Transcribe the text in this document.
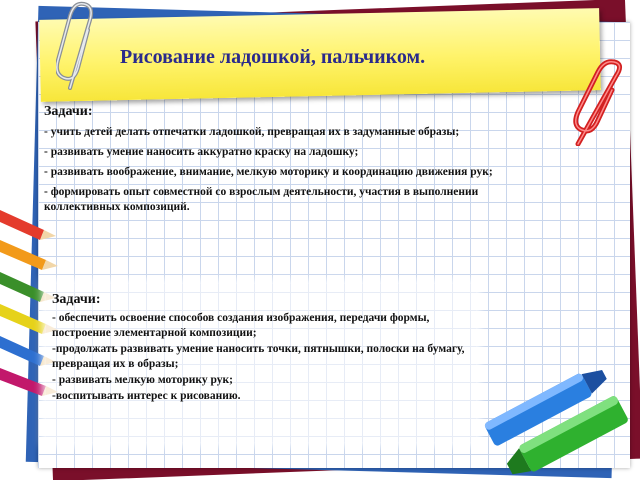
Рисование ладошкой, пальчиком.
Задачи:
- учить детей делать отпечатки ладошкой, превращая их в задуманные образы;
- развивать умение наносить аккуратно краску на ладошку;
- развивать воображение, внимание, мелкую моторику и координацию движения рук;
- формировать опыт совместной со взрослым деятельности, участия в выполнении коллективных композиций.
Задачи:
- обеспечить освоение способов создания изображения, передачи формы, построение элементарной композиции;
-продолжать развивать умение наносить точки, пятнышки, полоски на бумагу, превращая их в образы;
- развивать мелкую моторику рук;
-воспитывать интерес к рисованию.
